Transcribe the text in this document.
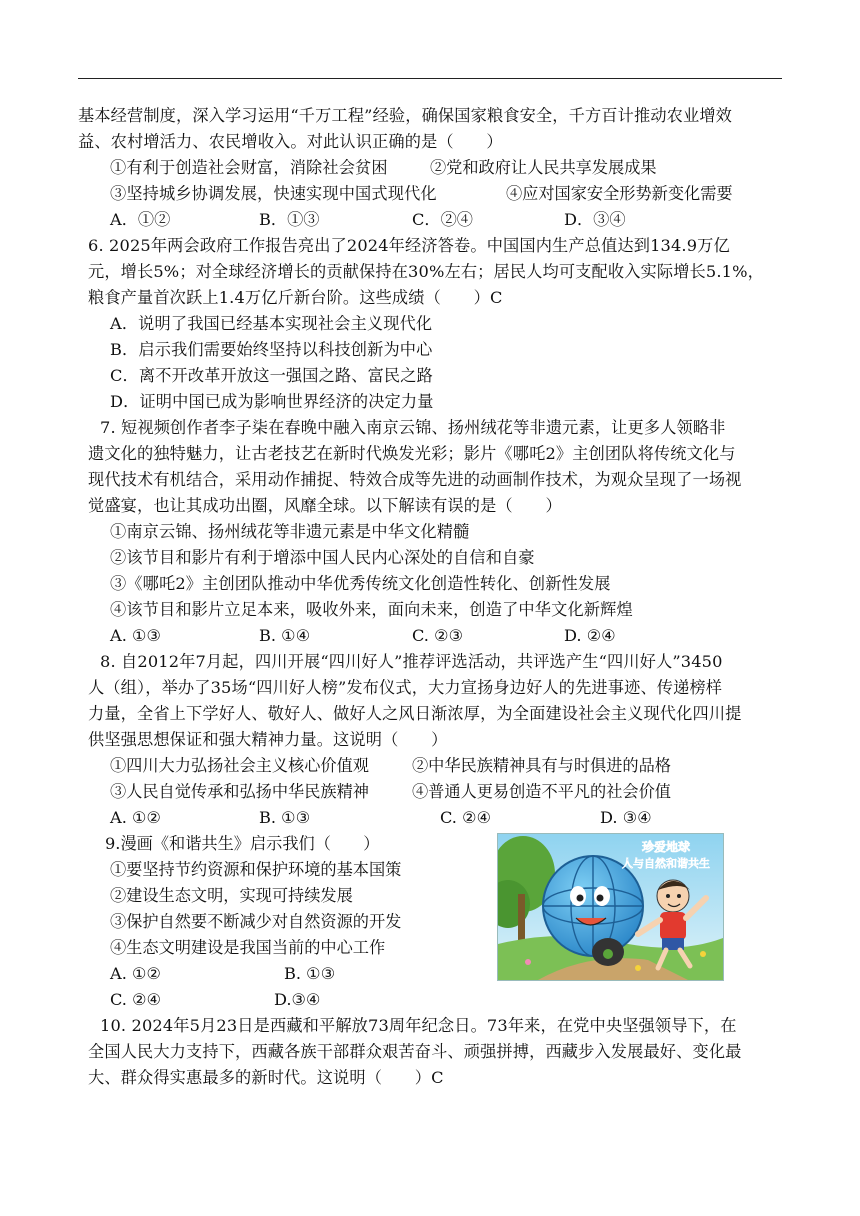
基本经营制度，深入学习运用“千万工程”经验，确保国家粮食安全，千方百计推动农业增效
益、农村增活力、农民增收入。对此认识正确的是（　　）
①有利于创造社会财富，消除社会贫困	②党和政府让人民共享发展成果
③坚持城乡协调发展，快速实现中国式现代化	④应对国家安全形势新变化需要
A．①②	B．①③	C．②④	D．③④
6. 2025年两会政府工作报告亮出了2024年经济答卷。中国国内生产总值达到134.9万亿
元，增长5%；对全球经济增长的贡献保持在30%左右；居民人均可支配收入实际增长5.1%，
粮食产量首次跃上1.4万亿斤新台阶。这些成绩（　　）C
A．说明了我国已经基本实现社会主义现代化
B．启示我们需要始终坚持以科技创新为中心
C．离不开改革开放这一强国之路、富民之路
D．证明中国已成为影响世界经济的决定力量
7. 短视频创作者李子柒在春晚中融入南京云锦、扬州绒花等非遗元素，让更多人领略非
遗文化的独特魅力，让古老技艺在新时代焕发光彩；影片《哪吒2》主创团队将传统文化与
现代技术有机结合，采用动作捕捉、特效合成等先进的动画制作技术，为观众呈现了一场视
觉盛宴，也让其成功出圈，风靡全球。以下解读有误的是（　　）
①南京云锦、扬州绒花等非遗元素是中华文化精髓
②该节目和影片有利于增添中国人民内心深处的自信和自豪
③《哪吒2》主创团队推动中华优秀传统文化创造性转化、创新性发展
④该节目和影片立足本来，吸收外来，面向未来，创造了中华文化新辉煌
A. ①③	B. ①④	C. ②③	D. ②④
8. 自2012年7月起，四川开展“四川好人”推荐评选活动，共评选产生“四川好人”3450
人（组），举办了35场“四川好人榜”发布仪式，大力宣扬身边好人的先进事迹、传递榜样
力量，全省上下学好人、敬好人、做好人之风日渐浓厚，为全面建设社会主义现代化四川提
供坚强思想保证和强大精神力量。这说明（　　）
①四川大力弘扬社会主义核心价值观	②中华民族精神具有与时俱进的品格
③人民自觉传承和弘扬中华民族精神	④普通人更易创造不平凡的社会价值
A. ①②	B. ①③	C. ②④	D. ③④
9.漫画《和谐共生》启示我们（　　）
①要坚持节约资源和保护环境的基本国策
②建设生态文明，实现可持续发展
③保护自然要不断减少对自然资源的开发
④生态文明建设是我国当前的中心工作
A. ①②	B. ①③
C. ②④	D.③④
珍爱地球
人与自然和谐共生
10. 2024年5月23日是西藏和平解放73周年纪念日。73年来，在党中央坚强领导下，在
全国人民大力支持下，西藏各族干部群众艰苦奋斗、顽强拼搏，西藏步入发展最好、变化最
大、群众得实惠最多的新时代。这说明（　　）C
